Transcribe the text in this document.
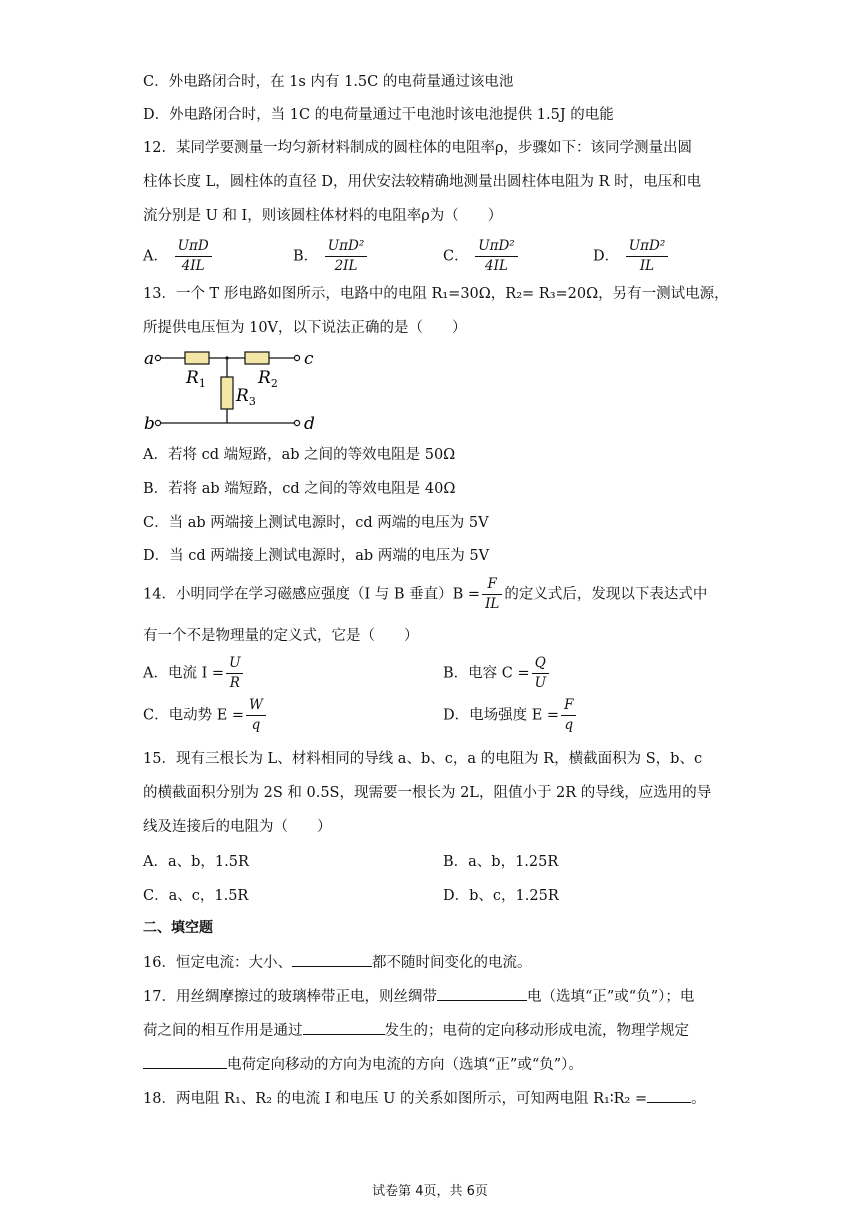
C．外电路闭合时，在 1s 内有 1.5C 的电荷量通过该电池
D．外电路闭合时，当 1C 的电荷量通过干电池时该电池提供 1.5J 的电能
12．某同学要测量一均匀新材料制成的圆柱体的电阻率ρ，步骤如下：该同学测量出圆
柱体长度 L，圆柱体的直径 D，用伏安法较精确地测量出圆柱体电阻为 R 时，电压和电
流分别是 U 和 I，则该圆柱体材料的电阻率ρ为（　　）
A． $\frac{\text{UπD}}{4IL}$	B． $\frac{\text{UπD²}}{2IL}$	C． $\frac{\text{UπD²}}{4IL}$	D． $\frac{\text{UπD²}}{IL}$
13．一个 T 形电路如图所示，电路中的电阻 R₁=30Ω，R₂= R₃=20Ω，另有一测试电源，
所提供电压恒为 10V，以下说法正确的是（　　）
a	c
b	d
$R_1$	$R_2$
$R_3$
A．若将 cd 端短路，ab 之间的等效电阻是 50Ω
B．若将 ab 端短路，cd 之间的等效电阻是 40Ω
C．当 ab 两端接上测试电源时，cd 两端的电压为 5V
D．当 cd 两端接上测试电源时，ab 两端的电压为 5V
14．小明同学在学习磁感应强度（I 与 B 垂直）$B = \frac{F}{IL}$ 的定义式后，发现以下表达式中
有一个不是物理量的定义式，它是（　　）
A．电流 $I = \frac{U}{R}$	B．电容 $C = \frac{Q}{U}$
C．电动势 $E = \frac{W}{q}$	D．电场强度 $E = \frac{F}{q}$
15．现有三根长为 L、材料相同的导线 a、b、c，a 的电阻为 R，横截面积为 S，b、c
的横截面积分别为 2S 和 0.5S，现需要一根长为 2L，阻值小于 2R 的导线，应选用的导
线及连接后的电阻为（　　）
A．a、b，1.5R	B．a、b，1.25R
C．a、c，1.5R	D．b、c，1.25R
二、填空题
16．恒定电流：大小、	都不随时间变化的电流。
17．用丝绸摩擦过的玻璃棒带正电，则丝绸带	电（选填“正”或“负”）；电
荷之间的相互作用是通过	发生的；电荷的定向移动形成电流，物理学规定
电荷定向移动的方向为电流的方向（选填“正”或“负”）。
18．两电阻 R₁、R₂ 的电流 I 和电压 U 的关系如图所示，可知两电阻 R₁∶R₂ =	。
试卷第 4页，共 6页
